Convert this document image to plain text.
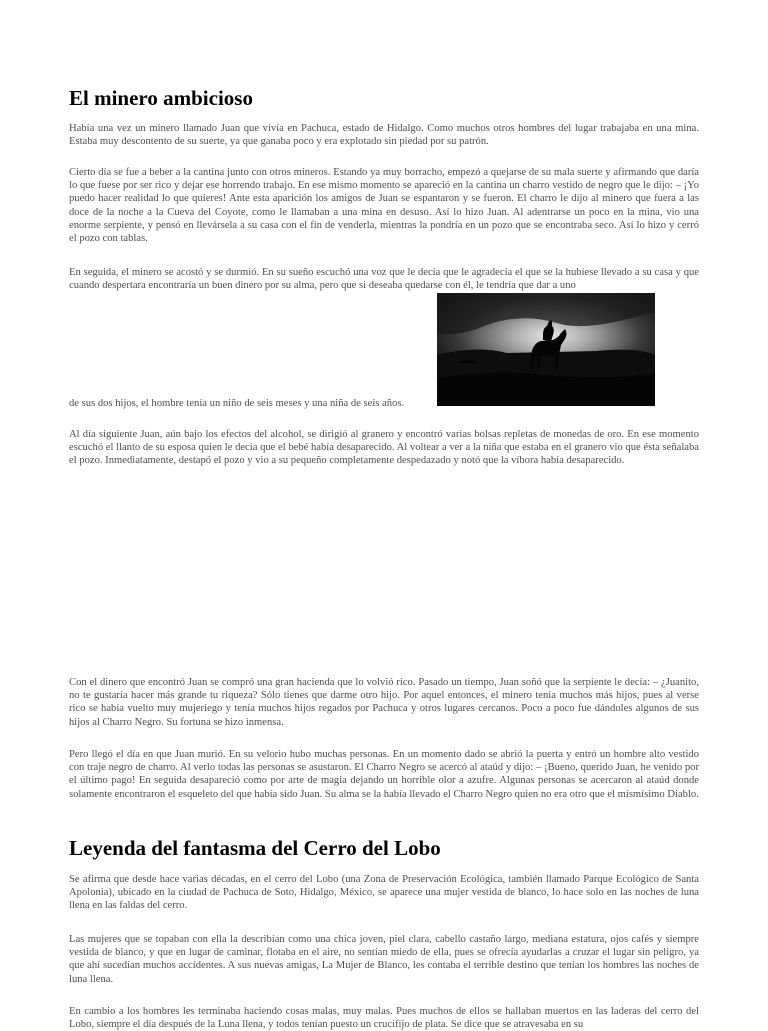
El minero ambicioso

Había una vez un minero llamado Juan que vivía en Pachuca, estado de Hidalgo. Como muchos otros hombres del lugar trabajaba en una mina. Estaba muy descontento de su suerte, ya que ganaba poco y era explotado sin piedad por su patrón.

Cierto día se fue a beber a la cantina junto con otros mineros. Estando ya muy borracho, empezó a quejarse de su mala suerte y afirmando que daría lo que fuese por ser rico y dejar ese horrendo trabajo. En ese mismo momento se apareció en la cantina un charro vestido de negro que le dijo: – ¡Yo puedo hacer realidad lo que quieres! Ante esta aparición los amigos de Juan se espantaron y se fueron. El charro le dijo al minero que fuera a las doce de la noche a la Cueva del Coyote, como le llamaban a una mina en desuso. Así lo hizo Juan. Al adentrarse un poco en la mina, vio una enorme serpiente, y pensó en llevársela a su casa con el fin de venderla, mientras la pondría en un pozo que se encontraba seco. Así lo hizo y cerró el pozo con tablas.

En seguida, el minero se acostó y se durmió. En su sueño escuchó una voz que le decía que le agradecía el que se la hubiese llevado a su casa y que cuando despertara encontraría un buen dinero por su alma, pero que si deseaba quedarse con él, le tendría que dar a uno

de sus dos hijos, el hombre tenía un niño de seis meses y una niña de seis años.

Al día siguiente Juan, aún bajo los efectos del alcohol, se dirigió al granero y encontró varias bolsas repletas de monedas de oro. En ese momento escuchó el llanto de su esposa quien le decía que el bebé había desaparecido. Al voltear a ver a la niña que estaba en el granero vio que ésta señalaba el pozo. Inmediatamente, destapó el pozo y vio a su pequeño completamente despedazado y notó que la víbora había desaparecido.

Con el dinero que encontró Juan se compró una gran hacienda que lo volvió rico. Pasado un tiempo, Juan soñó que la serpiente le decía: – ¿Juanito, no te gustaría hacer más grande tu riqueza? Sólo tienes que darme otro hijo. Por aquel entonces, el minero tenía muchos más hijos, pues al verse rico se había vuelto muy mujeriego y tenía muchos hijos regados por Pachuca y otros lugares cercanos. Poco a poco fue dándoles algunos de sus hijos al Charro Negro. Su fortuna se hizo inmensa.

Pero llegó el día en que Juan murió. En su velorio hubo muchas personas. En un momento dado se abrió la puerta y entró un hombre alto vestido con traje negro de charro. Al verlo todas las personas se asustaron. El Charro Negro se acercó al ataúd y dijo: – ¡Bueno, querido Juan, he venido por el último pago! En seguida desapareció como por arte de magia dejando un horrible olor a azufre. Algunas personas se acercaron al ataúd donde solamente encontraron el esqueleto del que había sido Juan. Su alma se la había llevado el Charro Negro quien no era otro que el mismísimo Diablo.

Leyenda del fantasma del Cerro del Lobo

Se afirma que desde hace varias décadas, en el cerro del Lobo (una Zona de Preservación Ecológica, también llamado Parque Ecológico de Santa Apolonia), ubicado en la ciudad de Pachuca de Soto, Hidalgo, México, se aparece una mujer vestida de blanco, lo hace solo en las noches de luna llena en las faldas del cerro.

Las mujeres que se topaban con ella la describían como una chica joven, piel clara, cabello castaño largo, mediana estatura, ojos cafés y siempre vestida de blanco, y que en lugar de caminar, flotaba en el aire, no sentían miedo de ella, pues se ofrecía ayudarlas a cruzar el lugar sin peligro, ya que ahí sucedían muchos accidentes. A sus nuevas amigas, La Mujer de Blanco, les contaba el terrible destino que tenían los hombres las noches de luna llena.

En cambio a los hombres les terminaba haciendo cosas malas, muy malas. Pues muchos de ellos se hallaban muertos en las laderas del cerro del Lobo, siempre el día después de la Luna llena, y todos tenían puesto un crucifijo de plata. Se dice que se atravesaba en su
